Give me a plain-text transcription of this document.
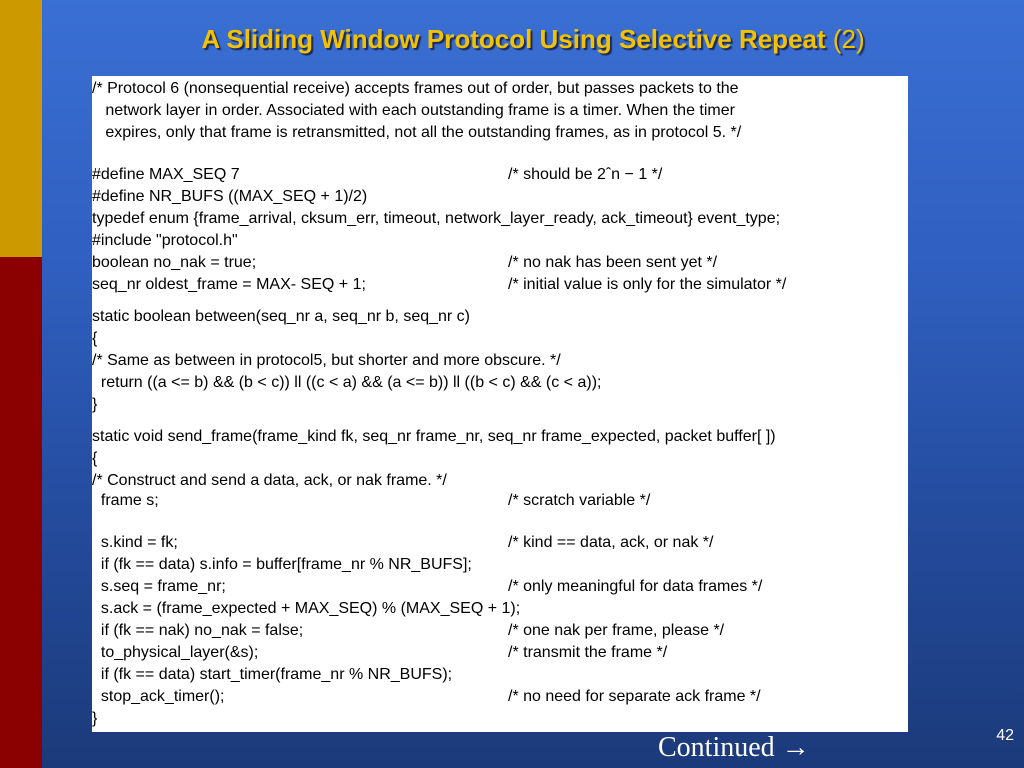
A Sliding Window Protocol Using Selective Repeat (2)
/* Protocol 6 (nonsequential receive) accepts frames out of order, but passes packets to the
network layer in order. Associated with each outstanding frame is a timer. When the timer
expires, only that frame is retransmitted, not all the outstanding frames, as in protocol 5. */
#define MAX_SEQ 7	/* should be 2ˆn − 1 */
#define NR_BUFS ((MAX_SEQ + 1)/2)
typedef enum {frame_arrival, cksum_err, timeout, network_layer_ready, ack_timeout} event_type;
#include "protocol.h"
boolean no_nak = true;	/* no nak has been sent yet */
seq_nr oldest_frame = MAX- SEQ + 1;	/* initial value is only for the simulator */
static boolean between(seq_nr a, seq_nr b, seq_nr c)
{
/* Same as between in protocol5, but shorter and more obscure. */
return ((a <= b) && (b < c)) ll ((c < a) && (a <= b)) ll ((b < c) && (c < a));
}
static void send_frame(frame_kind fk, seq_nr frame_nr, seq_nr frame_expected, packet buffer[ ])
{
/* Construct and send a data, ack, or nak frame. */
frame s;	/* scratch variable */
s.kind = fk;	/* kind == data, ack, or nak */
if (fk == data) s.info = buffer[frame_nr % NR_BUFS];
s.seq = frame_nr;	/* only meaningful for data frames */
s.ack = (frame_expected + MAX_SEQ) % (MAX_SEQ + 1);
if (fk == nak) no_nak = false;	/* one nak per frame, please */
to_physical_layer(&s);	/* transmit the frame */
if (fk == data) start_timer(frame_nr % NR_BUFS);
stop_ack_timer();	/* no need for separate ack frame */
}
Continued →	42
